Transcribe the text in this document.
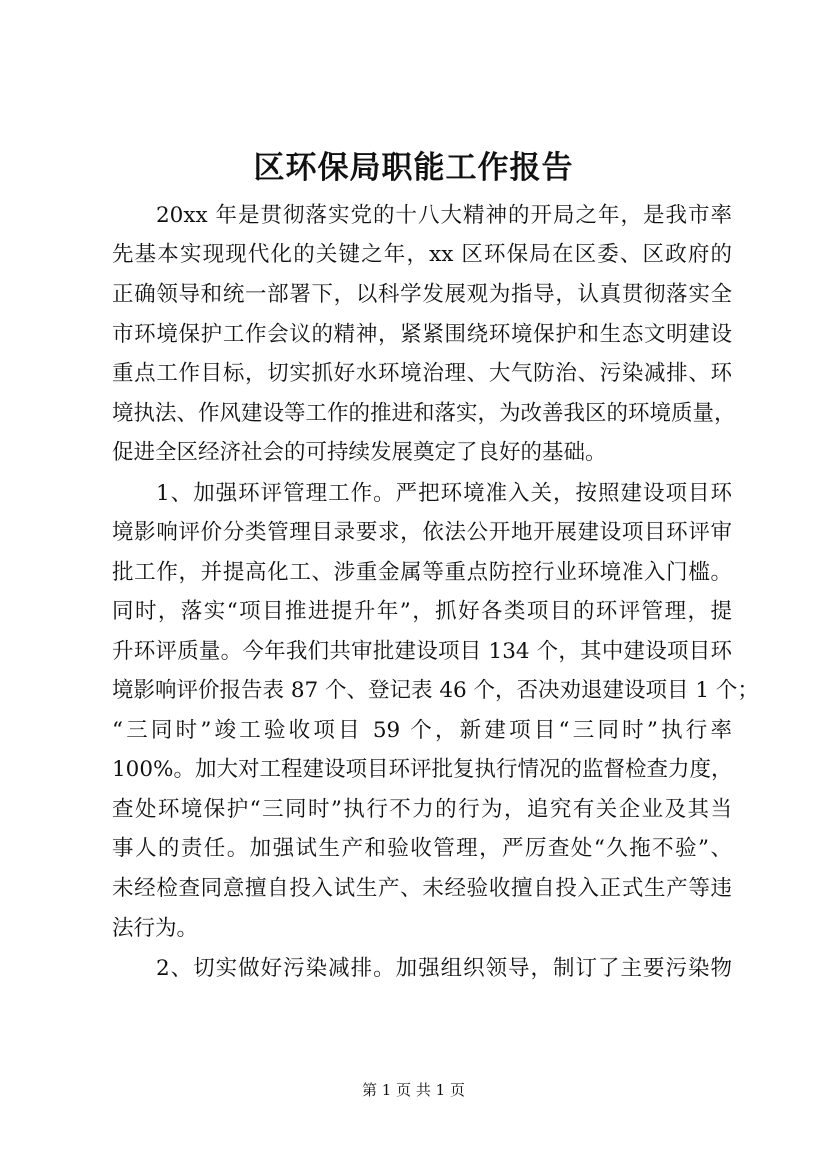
区环保局职能工作报告
20xx 年是贯彻落实党的十八大精神的开局之年，是我市率
先基本实现现代化的关键之年，xx 区环保局在区委、区政府的
正确领导和统一部署下，以科学发展观为指导，认真贯彻落实全
市环境保护工作会议的精神，紧紧围绕环境保护和生态文明建设
重点工作目标，切实抓好水环境治理、大气防治、污染减排、环
境执法、作风建设等工作的推进和落实，为改善我区的环境质量，
促进全区经济社会的可持续发展奠定了良好的基础。
1、加强环评管理工作。严把环境准入关，按照建设项目环
境影响评价分类管理目录要求，依法公开地开展建设项目环评审
批工作，并提高化工、涉重金属等重点防控行业环境准入门槛。
同时，落实“项目推进提升年”，抓好各类项目的环评管理，提
升环评质量。今年我们共审批建设项目 134 个，其中建设项目环
境影响评价报告表 87 个、登记表 46 个，否决劝退建设项目 1 个；
“三同时”竣工验收项目 59 个，新建项目“三同时”执行率
100%。加大对工程建设项目环评批复执行情况的监督检查力度，
查处环境保护“三同时”执行不力的行为，追究有关企业及其当
事人的责任。加强试生产和验收管理，严厉查处“久拖不验”、
未经检查同意擅自投入试生产、未经验收擅自投入正式生产等违
法行为。
2、切实做好污染减排。加强组织领导，制订了主要污染物
第 1 页 共 1 页
